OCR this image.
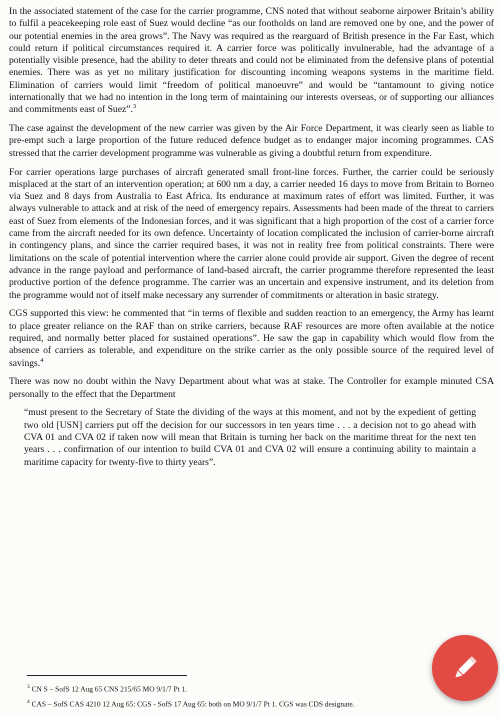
In the associated statement of the case for the carrier programme, CNS noted that without seaborne airpower Britain’s ability to fulfil a peacekeeping role east of Suez would decline “as our footholds on land are removed one by one, and the power of our potential enemies in the area grows”. The Navy was required as the rearguard of British presence in the Far East, which could return if political circumstances required it. A carrier force was politically invulnerable, had the advantage of a potentially visible presence, had the ability to deter threats and could not be eliminated from the defensive plans of potential enemies. There was as yet no military justification for discounting incoming weapons systems in the maritime field. Elimination of carriers would limit “freedom of political manoeuvre” and would be “tantamount to giving notice internationally that we had no intention in the long term of maintaining our interests overseas, or of supporting our alliances and commitments east of Suez”.$^3$

The case against the development of the new carrier was given by the Air Force Department, it was clearly seen as liable to pre-empt such a large proportion of the future reduced defence budget as to endanger major incoming programmes. CAS stressed that the carrier development programme was vulnerable as giving a doubtful return from expenditure.

For carrier operations large purchases of aircraft generated small front-line forces. Further, the carrier could be seriously misplaced at the start of an intervention operation; at 600 nm a day, a carrier needed 16 days to move from Britain to Borneo via Suez and 8 days from Australia to East Africa. Its endurance at maximum rates of effort was limited. Further, it was always vulnerable to attack and at risk of the need of emergency repairs. Assessments had been made of the threat to carriers east of Suez from elements of the Indonesian forces, and it was significant that a high proportion of the cost of a carrier force came from the aircraft needed for its own defence. Uncertainty of location complicated the inclusion of carrier-borne aircraft in contingency plans, and since the carrier required bases, it was not in reality free from political constraints. There were limitations on the scale of potential intervention where the carrier alone could provide air support. Given the degree of recent advance in the range payload and performance of land-based aircraft, the carrier programme therefore represented the least productive portion of the defence programme. The carrier was an uncertain and expensive instrument, and its deletion from the programme would not of itself make necessary any surrender of commitments or alteration in basic strategy.

CGS supported this view: he commented that “in terms of flexible and sudden reaction to an emergency, the Army has learnt to place greater reliance on the RAF than on strike carriers, because RAF resources are more often available at the notice required, and normally better placed for sustained operations”. He saw the gap in capability which would flow from the absence of carriers as tolerable, and expenditure on the strike carrier as the only possible source of the required level of savings.$^4$

There was now no doubt within the Navy Department about what was at stake. The Controller for example minuted CSA personally to the effect that the Department

“must present to the Secretary of State the dividing of the ways at this moment, and not by the expedient of getting two old [USN] carriers put off the decision for our successors in ten years time . . . a decision not to go ahead with CVA 01 and CVA 02 if taken now will mean that Britain is turning her back on the maritime threat for the next ten years . . . confirmation of our intention to build CVA 01 and CVA 02 will ensure a continuing ability to maintain a maritime capacity for twenty-five to thirty years”.

$^3$ CN S – SofS 12 Aug 65 CNS 215/65 MO 9/1/7 Pt 1.
$^4$ CAS – SofS CAS 4210 12 Aug 65: CGS - SofS 17 Aug 65: both on MO 9/1/7 Pt 1. CGS was CDS designate.
